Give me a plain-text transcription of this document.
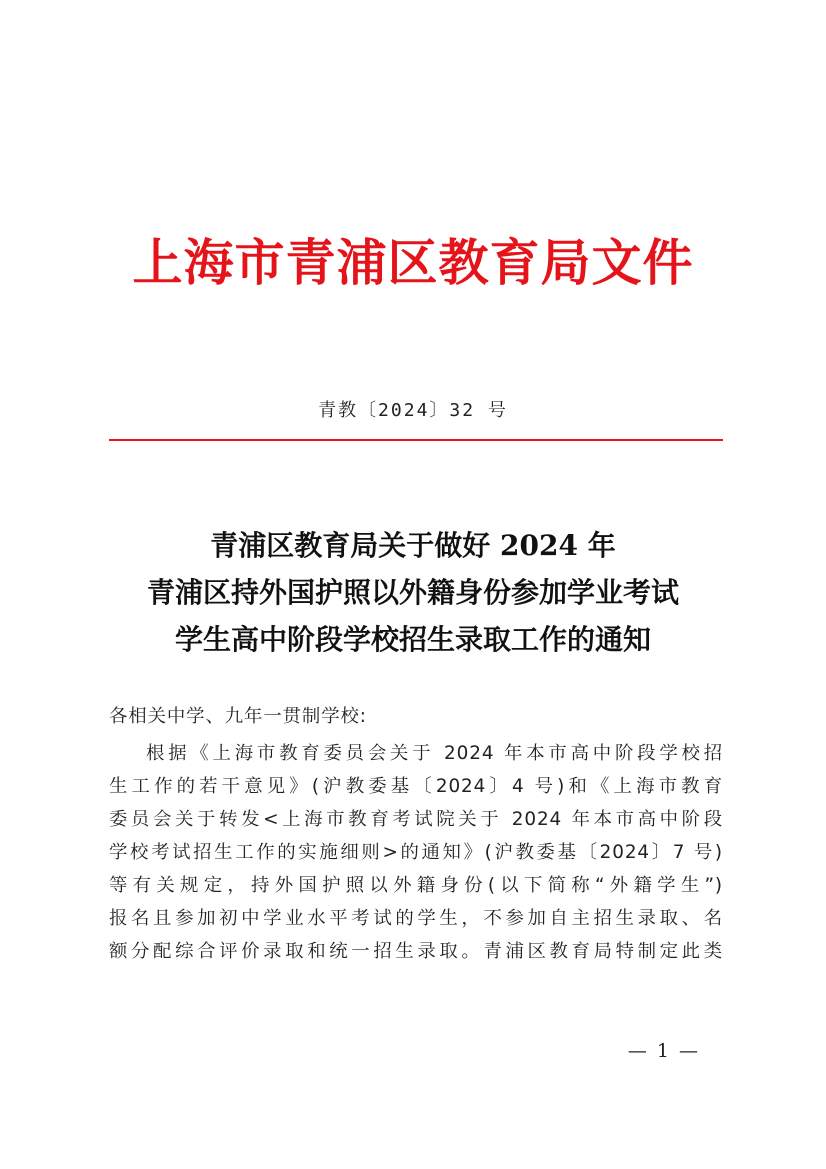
上海市青浦区教育局文件
青教〔2024〕32 号
青浦区教育局关于做好 2024 年
青浦区持外国护照以外籍身份参加学业考试
学生高中阶段学校招生录取工作的通知
各相关中学、九年一贯制学校:
根据《上海市教育委员会关于 2024 年本市高中阶段学校招
生工作的若干意见》(沪教委基〔2024〕4 号)和《上海市教育
委员会关于转发<上海市教育考试院关于 2024 年本市高中阶段
学校考试招生工作的实施细则>的通知》(沪教委基〔2024〕7 号)
等有关规定，持外国护照以外籍身份(以下简称“外籍学生”)
报名且参加初中学业水平考试的学生，不参加自主招生录取、名
额分配综合评价录取和统一招生录取。青浦区教育局特制定此类
— 1 —
